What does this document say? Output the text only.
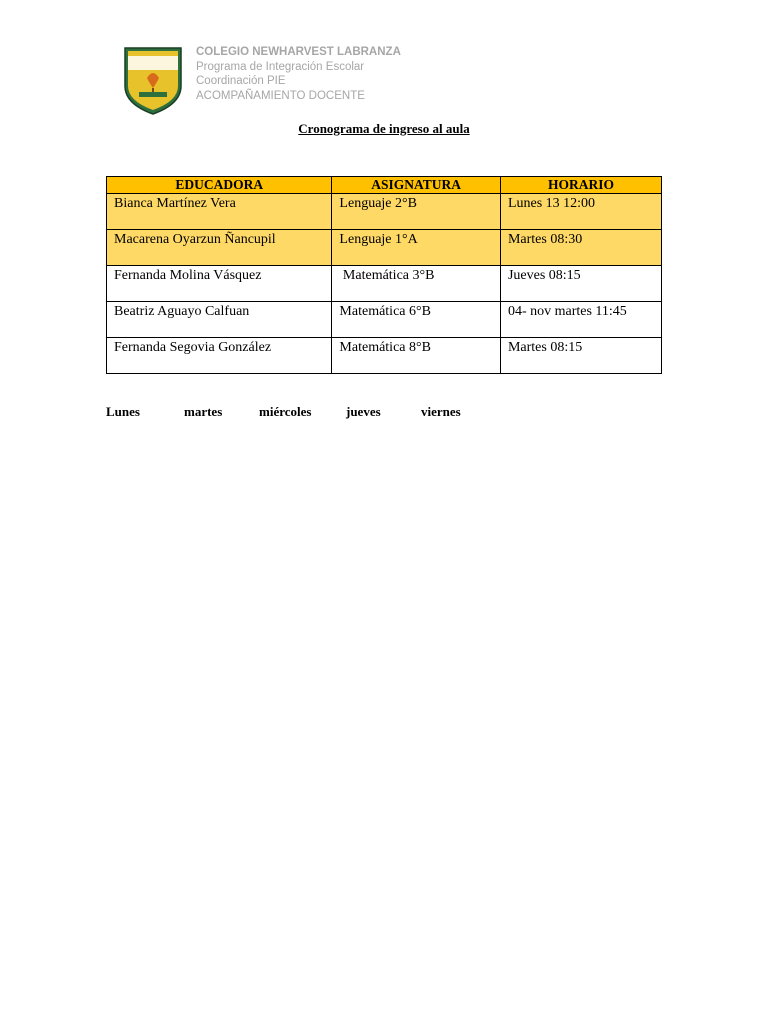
COLEGIO NEWHARVEST LABRANZA
Programa de Integración Escolar
Coordinación PIE
ACOMPAÑAMIENTO DOCENTE
Cronograma de ingreso al aula
EDUCADORA	ASIGNATURA	HORARIO
Bianca Martínez Vera	Lenguaje 2°B	Lunes 13 12:00
Macarena Oyarzun Ñancupil	Lenguaje 1°A	Martes 08:30
Fernanda Molina Vásquez	Matemática 3°B	Jueves 08:15
Beatriz Aguayo Calfuan	Matemática 6°B	04- nov martes 11:45
Fernanda Segovia González	Matemática 8°B	Martes 08:15
Lunes	martes	miércoles	jueves	viernes
